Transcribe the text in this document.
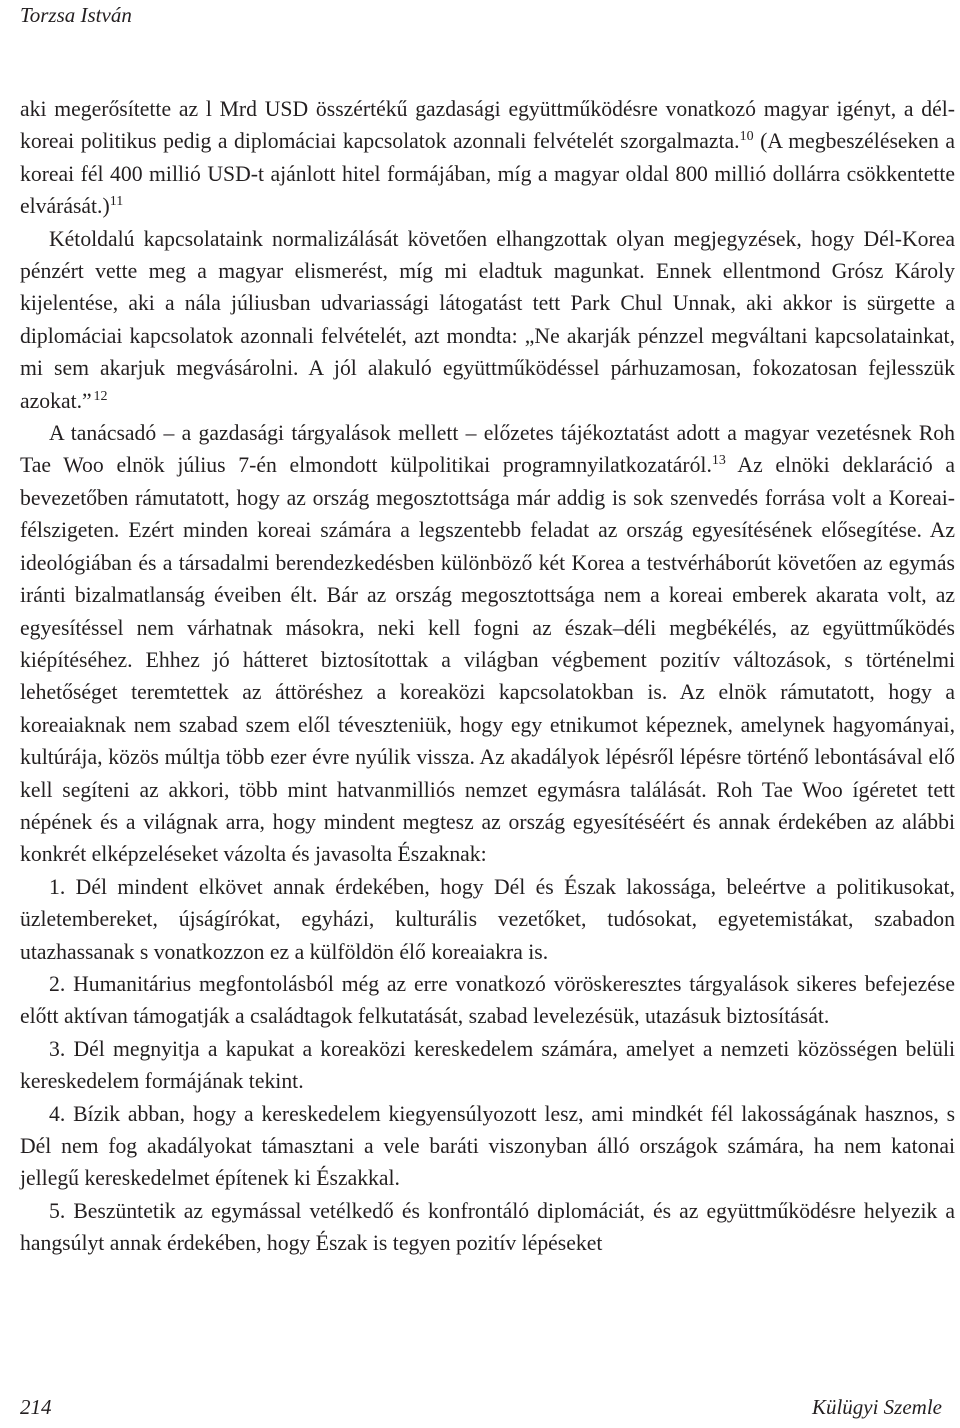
Torzsa István

aki megerősítette az l Mrd USD összértékű gazdasági együttműködésre vonatkozó magyar igényt, a dél-koreai politikus pedig a diplomáciai kapcsolatok azonnali felvételét szorgalmazta.$^{10}$ (A megbeszéléseken a koreai fél 400 millió USD-t ajánlott hitel formájában, míg a magyar oldal 800 millió dollárra csökkentette elvárását.)$^{11}$

Kétoldalú kapcsolataink normalizálását követően elhangzottak olyan megjegyzések, hogy Dél-Korea pénzért vette meg a magyar elismerést, míg mi eladtuk magunkat. Ennek ellentmond Grósz Károly kijelentése, aki a nála júliusban udvariassági látogatást tett Park Chul Unnak, aki akkor is sürgette a diplomáciai kapcsolatok azonnali felvételét, azt mondta: „Ne akarják pénzzel megváltani kapcsolatainkat, mi sem akarjuk megvásárolni. A jól alakuló együttműködéssel párhuzamosan, fokozatosan fejlesszük azokat.”  $^{12}$

A tanácsadó – a gazdasági tárgyalások mellett – előzetes tájékoztatást adott a magyar vezetésnek Roh Tae Woo elnök július 7-én elmondott külpolitikai programnyilatkozatáról.$^{13}$ Az elnöki deklaráció a bevezetőben rámutatott, hogy az ország megosztottsága már addig is sok szenvedés forrása volt a Koreai-félszigeten. Ezért minden koreai számára a legszentebb feladat az ország egyesítésének elősegítése. Az ideológiában és a társadalmi berendezkedésben különböző két Korea a testvérháborút követően az egymás iránti bizalmatlanság éveiben élt. Bár az ország megosztottsága nem a koreai emberek akarata volt, az egyesítéssel nem várhatnak másokra, neki kell fogni az észak–déli megbékélés, az együttműködés kiépítéséhez. Ehhez jó hátteret biztosítottak a világban végbement pozitív változások, s történelmi lehetőséget teremtettek az áttöréshez a koreaközi kapcsolatokban is. Az elnök rámutatott, hogy a koreaiaknak nem szabad szem elől téveszteniük, hogy egy etnikumot képeznek, amelynek hagyományai, kultúrája, közös múltja több ezer évre nyúlik vissza. Az akadályok lépésről lépésre történő lebontásával elő kell segíteni az akkori, több mint hatvanmilliós nemzet egymásra találását. Roh Tae Woo ígéretet tett népének és a világnak arra, hogy mindent megtesz az ország egyesítéséért és annak érdekében az alábbi konkrét elképzeléseket vázolta és javasolta Északnak:

1. Dél mindent elkövet annak érdekében, hogy Dél és Észak lakossága, beleértve a politikusokat, üzletembereket, újságírókat, egyházi, kulturális vezetőket, tudósokat, egyetemistákat, szabadon utazhassanak s vonatkozzon ez a külföldön élő koreaiakra is.

2. Humanitárius megfontolásból még az erre vonatkozó vöröskeresztes tárgyalások sikeres befejezése előtt aktívan támogatják a családtagok felkutatását, szabad levelezésük, utazásuk biztosítását.

3. Dél megnyitja a kapukat a koreaközi kereskedelem számára, amelyet a nemzeti közösségen belüli kereskedelem formájának tekint.

4. Bízik abban, hogy a kereskedelem kiegyensúlyozott lesz, ami mindkét fél lakosságának hasznos, s Dél nem fog akadályokat támasztani a vele baráti viszonyban álló országok számára, ha nem katonai jellegű kereskedelmet építenek ki Északkal.

5. Beszüntetik az egymással vetélkedő és konfrontáló diplomáciát, és az együttműködésre helyezik a hangsúlyt annak érdekében, hogy Észak is tegyen pozitív lépéseket

214	Külügyi Szemle
